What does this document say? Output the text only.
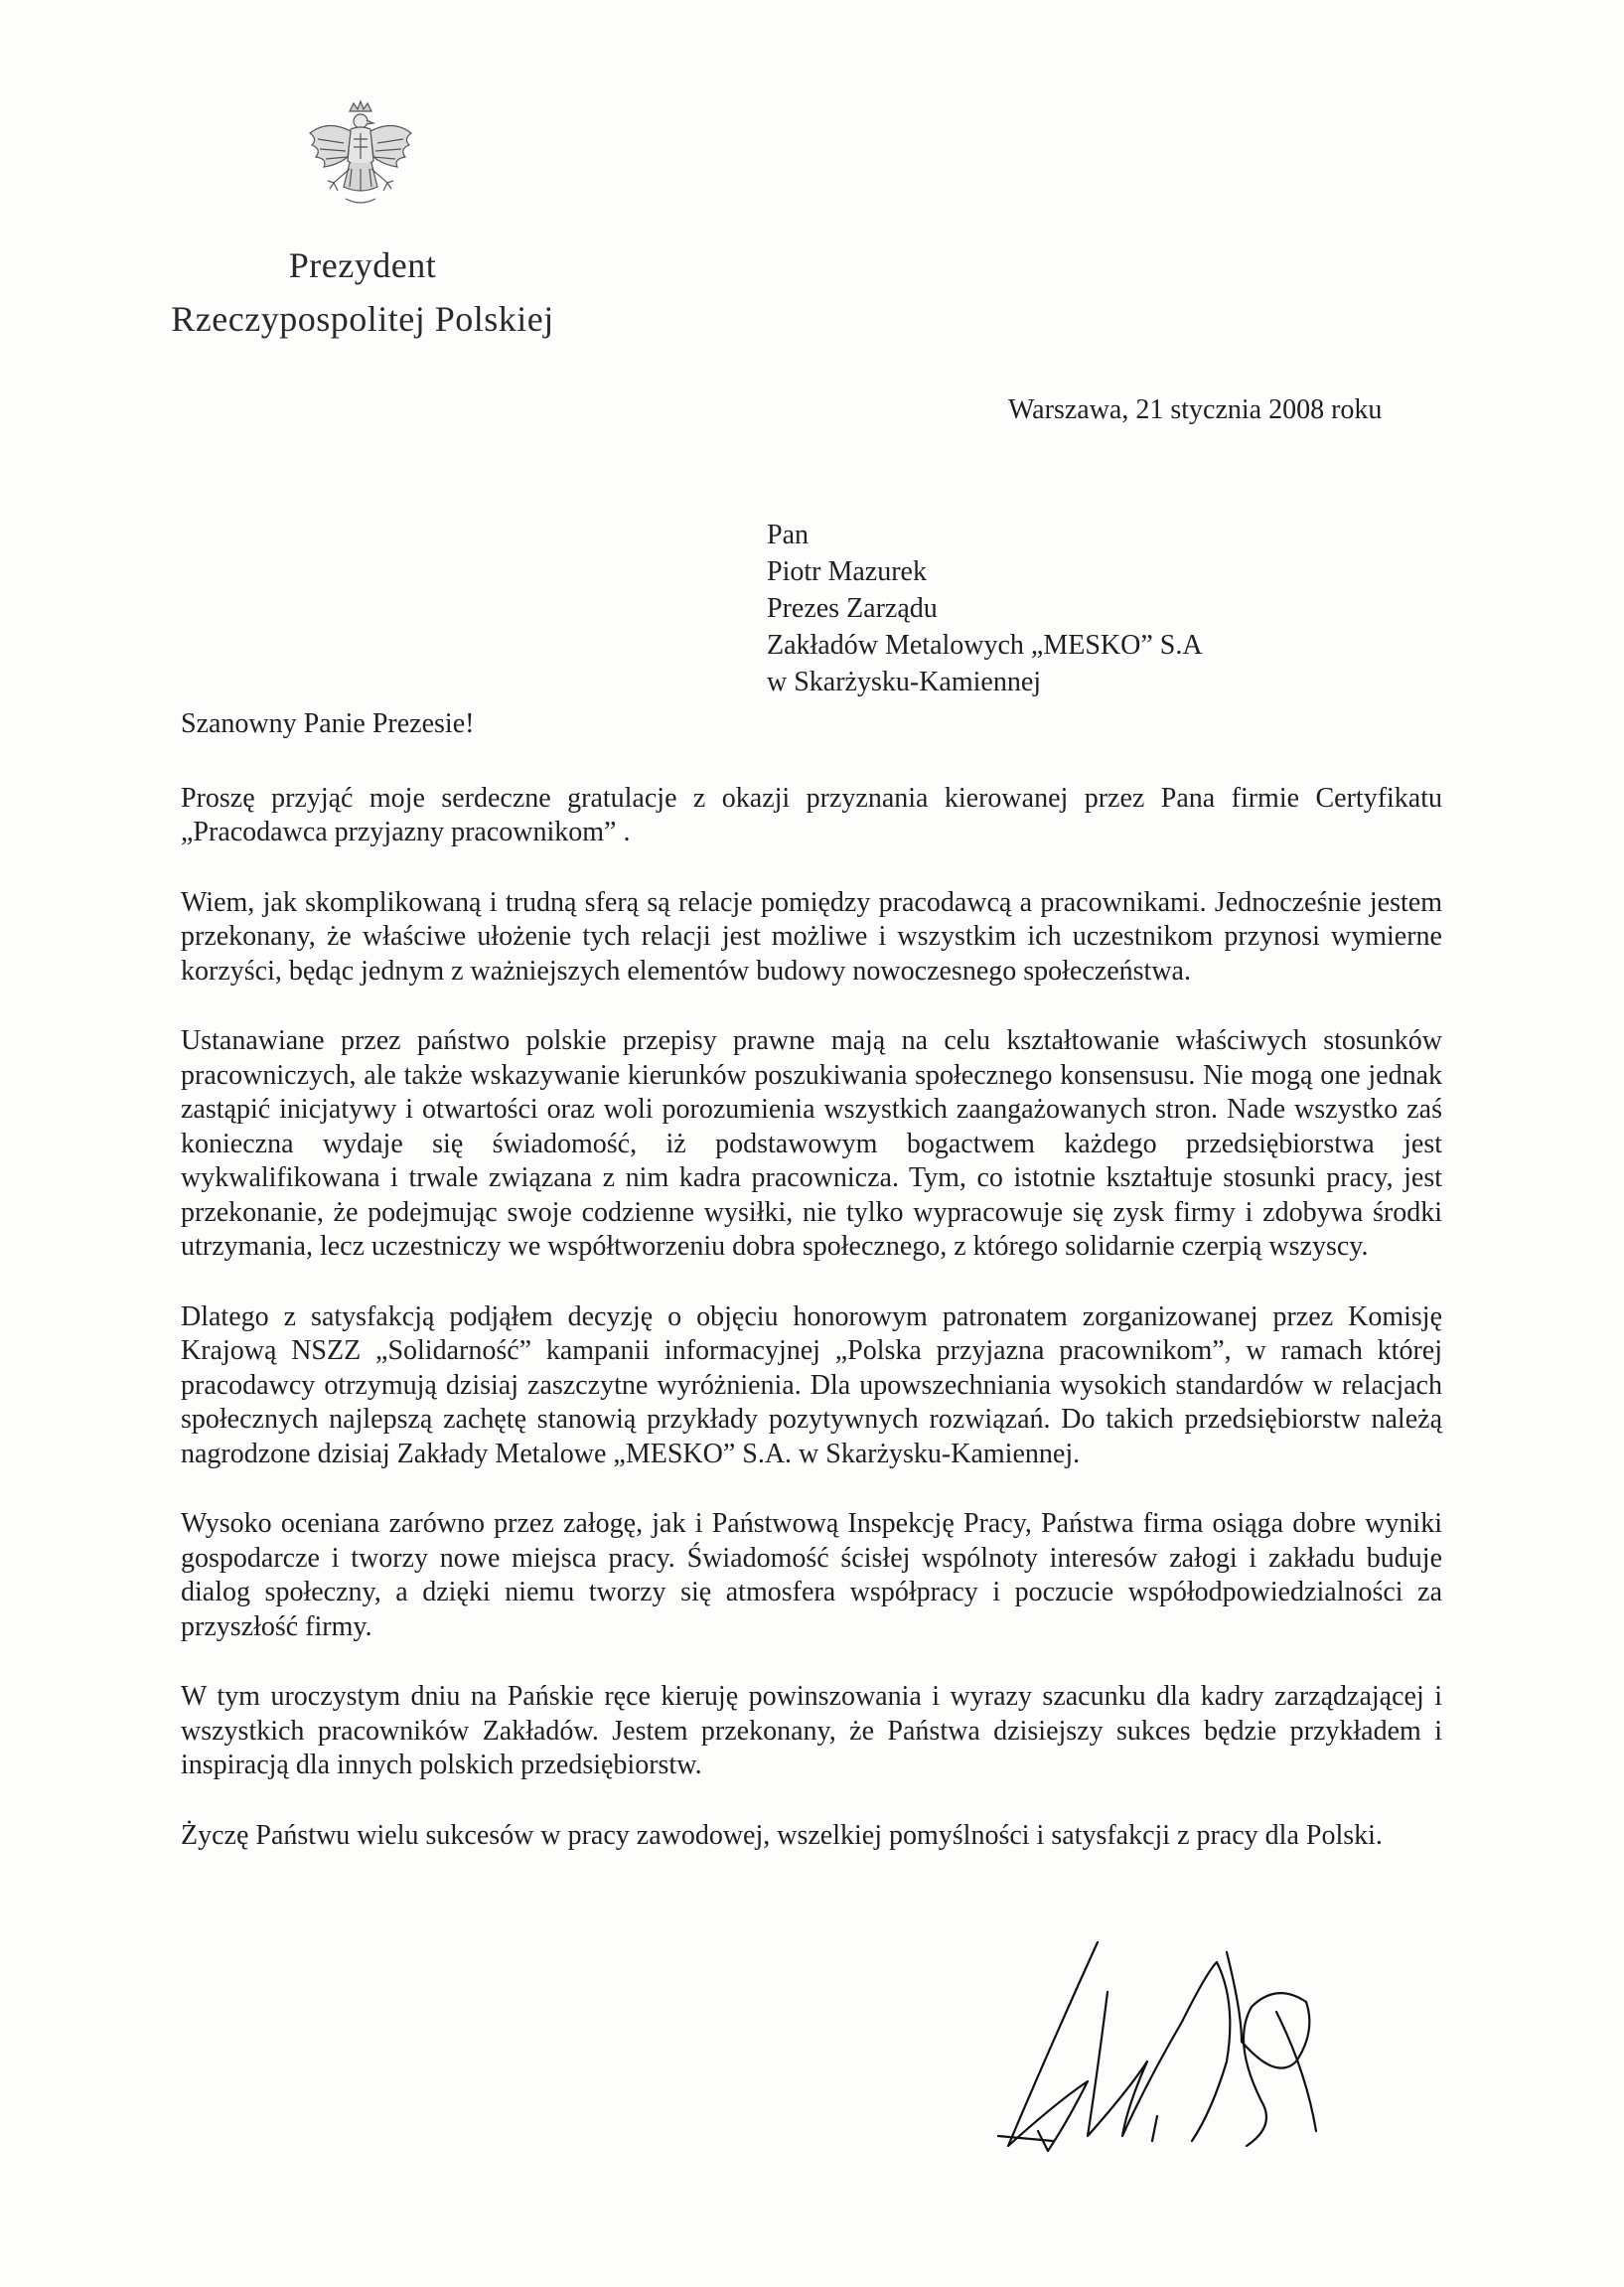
Prezydent
Rzeczypospolitej Polskiej
Warszawa, 21 stycznia 2008 roku
Pan
Piotr Mazurek
Prezes Zarządu
Zakładów Metalowych „MESKO” S.A
w Skarżysku-Kamiennej
Szanowny Panie Prezesie!
Proszę przyjąć moje serdeczne gratulacje z okazji przyznania kierowanej przez Pana firmie Certyfikatu „Pracodawca przyjazny pracownikom” .
Wiem, jak skomplikowaną i trudną sferą są relacje pomiędzy pracodawcą a pracownikami. Jednocześnie jestem przekonany, że właściwe ułożenie tych relacji jest możliwe i wszystkim ich uczestnikom przynosi wymierne korzyści, będąc jednym z ważniejszych elementów budowy nowoczesnego społeczeństwa.
Ustanawiane przez państwo polskie przepisy prawne mają na celu kształtowanie właściwych stosunków pracowniczych, ale także wskazywanie kierunków poszukiwania społecznego konsensusu. Nie mogą one jednak zastąpić inicjatywy i otwartości oraz woli porozumienia wszystkich zaangażowanych stron. Nade wszystko zaś konieczna wydaje się świadomość, iż podstawowym bogactwem każdego przedsiębiorstwa jest wykwalifikowana i trwale związana z nim kadra pracownicza. Tym, co istotnie kształtuje stosunki pracy, jest przekonanie, że podejmując swoje codzienne wysiłki, nie tylko wypracowuje się zysk firmy i zdobywa środki utrzymania, lecz uczestniczy we współtworzeniu dobra społecznego, z którego solidarnie czerpią wszyscy.
Dlatego z satysfakcją podjąłem decyzję o objęciu honorowym patronatem zorganizowanej przez Komisję Krajową NSZZ „Solidarność” kampanii informacyjnej „Polska przyjazna pracownikom”, w ramach której pracodawcy otrzymują dzisiaj zaszczytne wyróżnienia. Dla upowszechniania wysokich standardów w relacjach społecznych najlepszą zachętę stanowią przykłady pozytywnych rozwiązań. Do takich przedsiębiorstw należą nagrodzone dzisiaj Zakłady Metalowe „MESKO” S.A. w Skarżysku-Kamiennej.
Wysoko oceniana zarówno przez załogę, jak i Państwową Inspekcję Pracy, Państwa firma osiąga dobre wyniki gospodarcze i tworzy nowe miejsca pracy. Świadomość ścisłej wspólnoty interesów załogi i zakładu buduje dialog społeczny, a dzięki niemu tworzy się atmosfera współpracy i poczucie współodpowiedzialności za przyszłość firmy.
W tym uroczystym dniu na Pańskie ręce kieruję powinszowania i wyrazy szacunku dla kadry zarządzającej i wszystkich pracowników Zakładów. Jestem przekonany, że Państwa dzisiejszy sukces będzie przykładem i inspiracją dla innych polskich przedsiębiorstw.
Życzę Państwu wielu sukcesów w pracy zawodowej, wszelkiej pomyślności i satysfakcji z pracy dla Polski.
